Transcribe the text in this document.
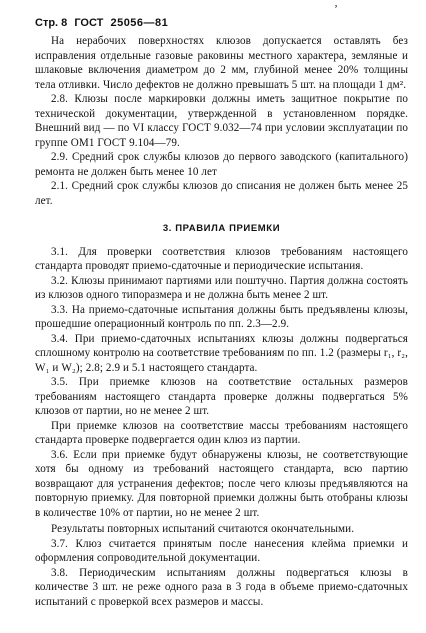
ʼ
Стр. 8 ГОСТ 25056—81

На нерабочих поверхностях клюзов допускается оставлять без исправления отдельные газовые раковины местного характера, земляные и шлаковые включения диаметром до 2 мм, глубиной менее 20% толщины тела отливки. Число дефектов не должно превышать 5 шт. на площади 1 дм².

2.8. Клюзы после маркировки должны иметь защитное покрытие по технической документации, утвержденной в установленном порядке. Внешний вид — по VI классу ГОСТ 9.032—74 при условии эксплуатации по группе ОМ1 ГОСТ 9.104—79.

2.9. Средний срок службы клюзов до первого заводского (капитального) ремонта не должен быть менее 10 лет

2.1. Средний срок службы клюзов до списания не должен быть менее 25 лет.

3. ПРАВИЛА ПРИЕМКИ

3.1. Для проверки соответствия клюзов требованиям настоящего стандарта проводят приемо-сдаточные и периодические испытания.

3.2. Клюзы принимают партиями или поштучно. Партия должна состоять из клюзов одного типоразмера и не должна быть менее 2 шт.

3.3. На приемо-сдаточные испытания должны быть предъявлены клюзы, прошедшие операционный контроль по пп. 2.3—2.9.

3.4. При приемо-сдаточных испытаниях клюзы должны подвергаться сплошному контролю на соответствие требованиям по пп. 1.2 (размеры r₁, r₂, W₁ и W₂); 2.8; 2.9 и 5.1 настоящего стандарта.

3.5. При приемке клюзов на соответствие остальных размеров требованиям настоящего стандарта проверке должны подвергаться 5% клюзов от партии, но не менее 2 шт.

При приемке клюзов на соответствие массы требованиям настоящего стандарта проверке подвергается один клюз из партии.

3.6. Если при приемке будут обнаружены клюзы, не соответствующие хотя бы одному из требований настоящего стандарта, всю партию возвращают для устранения дефектов; после чего клюзы предъявляются на повторную приемку. Для повторной приемки должны быть отобраны клюзы в количестве 10% от партии, но не менее 2 шт.

Результаты повторных испытаний считаются окончательными.

3.7. Клюз считается принятым после нанесения клейма приемки и оформления сопроводительной документации.

3.8. Периодическим испытаниям должны подвергаться клюзы в количестве 3 шт. не реже одного раза в 3 года в объеме приемо-сдаточных испытаний с проверкой всех размеров и массы.
